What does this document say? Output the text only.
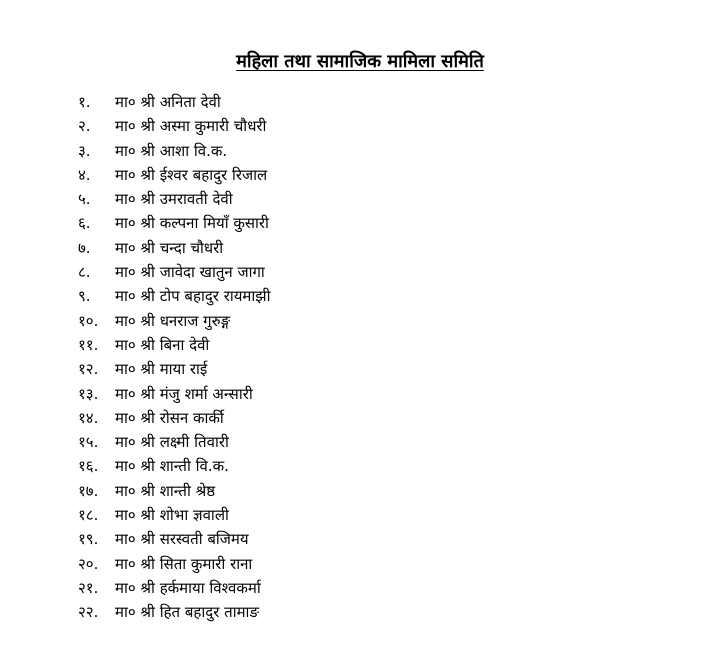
महिला तथा सामाजिक मामिला समिति
१. मा० श्री अनिता देवी
२. मा० श्री अस्मा कुमारी चौधरी
३. मा० श्री आशा वि.क.
४. मा० श्री ईश्वर बहादुर रिजाल
५. मा० श्री उमरावती देवी
६. मा० श्री कल्पना मियाँ कुसारी
७. मा० श्री चन्दा चौधरी
८. मा० श्री जावेदा खातुन जागा
९. मा० श्री टोप बहादुर रायमाझी
१०. मा० श्री धनराज गुरुङ्ग
११. मा० श्री बिना देवी
१२. मा० श्री माया राई
१३. मा० श्री मंजु शर्मा अन्सारी
१४. मा० श्री रोसन कार्की
१५. मा० श्री लक्ष्मी तिवारी
१६. मा० श्री शान्ती वि.क.
१७. मा० श्री शान्ती श्रेष्ठ
१८. मा० श्री शोभा ज्ञवाली
१९. मा० श्री सरस्वती बजिमय
२०. मा० श्री सिता कुमारी राना
२१. मा० श्री हर्कमाया विश्वकर्मा
२२. मा० श्री हित बहादुर तामाङ
